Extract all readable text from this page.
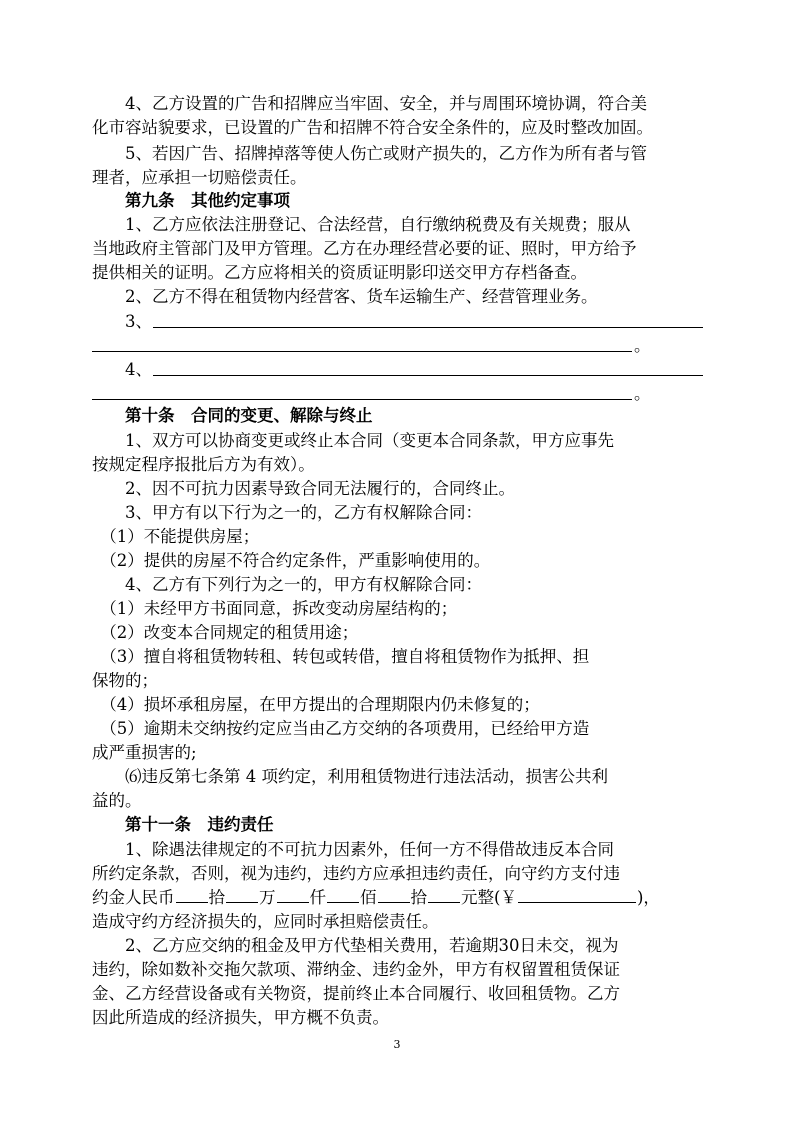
　　4、乙方设置的广告和招牌应当牢固、安全，并与周围环境协调，符合美
化市容站貌要求，已设置的广告和招牌不符合安全条件的，应及时整改加固。
　　5、若因广告、招牌掉落等使人伤亡或财产损失的，乙方作为所有者与管
理者，应承担一切赔偿责任。
　　第九条　其他约定事项
　　1、乙方应依法注册登记、合法经营，自行缴纳税费及有关规费；服从
当地政府主管部门及甲方管理。乙方在办理经营必要的证、照时，甲方给予
提供相关的证明。乙方应将相关的资质证明影印送交甲方存档备查。
　　2、乙方不得在租赁物内经营客、货车运输生产、经营管理业务。
　　3、
。
　　4、
。
　　第十条　合同的变更、解除与终止
　　1、双方可以协商变更或终止本合同（变更本合同条款，甲方应事先
按规定程序报批后方为有效）。
　　2、因不可抗力因素导致合同无法履行的，合同终止。
　　3、甲方有以下行为之一的，乙方有权解除合同：
　（1）不能提供房屋；
　（2）提供的房屋不符合约定条件，严重影响使用的。
　　4、乙方有下列行为之一的，甲方有权解除合同：
　（1）未经甲方书面同意，拆改变动房屋结构的；
　（2）改变本合同规定的租赁用途；
　（3）擅自将租赁物转租、转包或转借，擅自将租赁物作为抵押、担
保物的；
　（4）损坏承租房屋，在甲方提出的合理期限内仍未修复的；
　（5）逾期未交纳按约定应当由乙方交纳的各项费用，已经给甲方造
成严重损害的;
　　⑹违反第七条第 4 项约定，利用租赁物进行违法活动，损害公共利
益的。
　　第十一条　违约责任
　　1、除遇法律规定的不可抗力因素外，任何一方不得借故违反本合同
所约定条款，否则，视为违约，违约方应承担违约责任，向守约方支付违
约金人民币 拾 万 仟 佰 拾 元整(￥	)，
造成守约方经济损失的，应同时承担赔偿责任。
　　2、乙方应交纳的租金及甲方代垫相关费用，若逾期30日未交，视为
违约，除如数补交拖欠款项、滞纳金、违约金外，甲方有权留置租赁保证
金、乙方经营设备或有关物资，提前终止本合同履行、收回租赁物。乙方
因此所造成的经济损失，甲方概不负责。
3
